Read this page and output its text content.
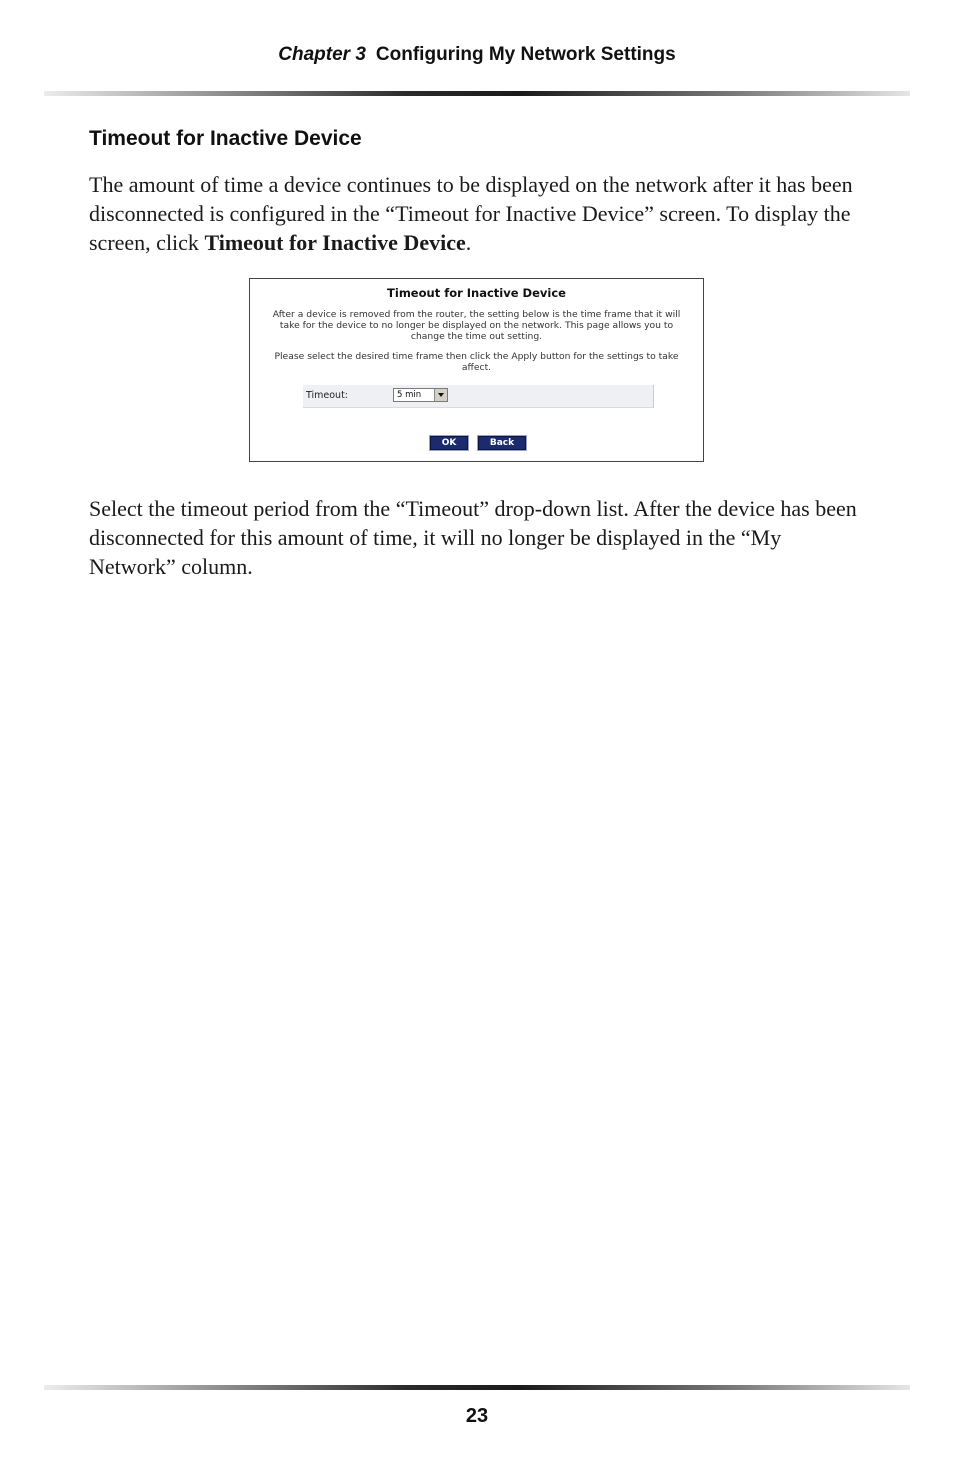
Chapter 3 Configuring My Network Settings
Timeout for Inactive Device

The amount of time a device continues to be displayed on the network after it has been disconnected is configured in the “Timeout for Inactive Device” screen. To display the screen, click Timeout for Inactive Device.

Timeout for Inactive Device

After a device is removed from the router, the setting below is the time frame that it will take for the device to no longer be displayed on the network. This page allows you to change the time out setting.

Please select the desired time frame then click the Apply button for the settings to take affect.

Timeout:	5 min
OK	Back

Select the timeout period from the “Timeout” drop-down list. After the device has been disconnected for this amount of time, it will no longer be displayed in the “My Network” column.

23
